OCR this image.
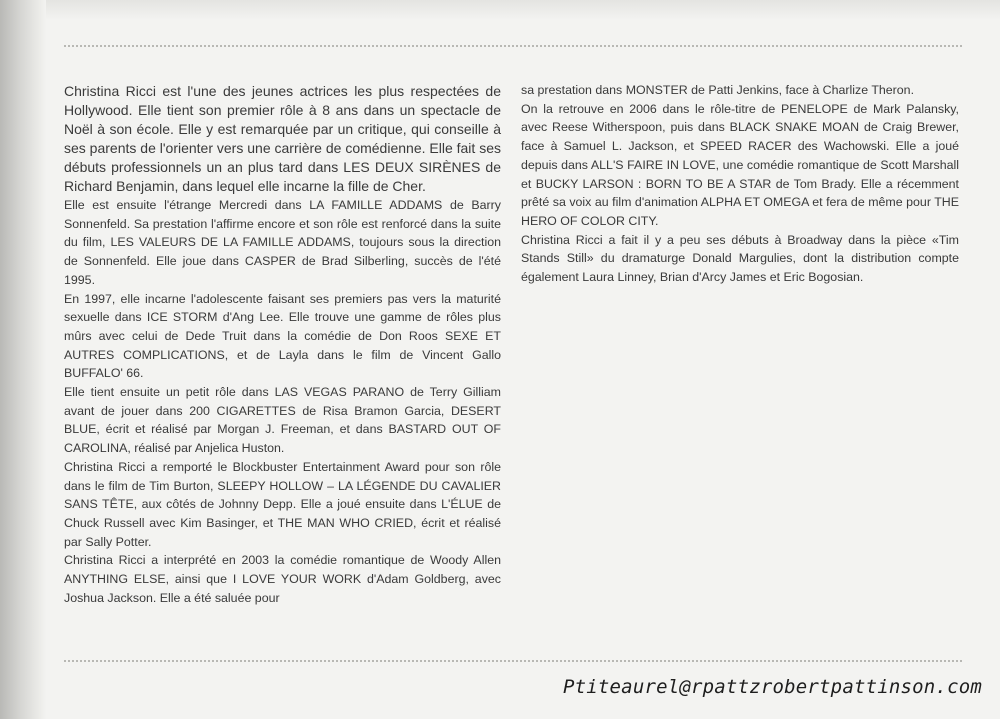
Christina Ricci est l'une des jeunes actrices les plus respectées de Hollywood. Elle tient son premier rôle à 8 ans dans un spectacle de Noël à son école. Elle y est remarquée par un critique, qui conseille à ses parents de l'orienter vers une carrière de comédienne. Elle fait ses débuts professionnels un an plus tard dans LES DEUX SIRÈNES de Richard Benjamin, dans lequel elle incarne la fille de Cher.

Elle est ensuite l'étrange Mercredi dans LA FAMILLE ADDAMS de Barry Sonnenfeld. Sa prestation l'affirme encore et son rôle est renforcé dans la suite du film, LES VALEURS DE LA FAMILLE ADDAMS, toujours sous la direction de Sonnenfeld. Elle joue dans CASPER de Brad Silberling, succès de l'été 1995.

En 1997, elle incarne l'adolescente faisant ses premiers pas vers la maturité sexuelle dans ICE STORM d'Ang Lee. Elle trouve une gamme de rôles plus mûrs avec celui de Dede Truit dans la comédie de Don Roos SEXE ET AUTRES COMPLICATIONS, et de Layla dans le film de Vincent Gallo BUFFALO' 66.

Elle tient ensuite un petit rôle dans LAS VEGAS PARANO de Terry Gilliam avant de jouer dans 200 CIGARETTES de Risa Bramon Garcia, DESERT BLUE, écrit et réalisé par Morgan J. Freeman, et dans BASTARD OUT OF CAROLINA, réalisé par Anjelica Huston.

Christina Ricci a remporté le Blockbuster Entertainment Award pour son rôle dans le film de Tim Burton, SLEEPY HOLLOW – LA LÉGENDE DU CAVALIER SANS TÊTE, aux côtés de Johnny Depp. Elle a joué ensuite dans L'ÉLUE de Chuck Russell avec Kim Basinger, et THE MAN WHO CRIED, écrit et réalisé par Sally Potter.

Christina Ricci a interprété en 2003 la comédie romantique de Woody Allen ANYTHING ELSE, ainsi que I LOVE YOUR WORK d'Adam Goldberg, avec Joshua Jackson. Elle a été saluée pour

sa prestation dans MONSTER de Patti Jenkins, face à Charlize Theron.

On la retrouve en 2006 dans le rôle-titre de PENELOPE de Mark Palansky, avec Reese Witherspoon, puis dans BLACK SNAKE MOAN de Craig Brewer, face à Samuel L. Jackson, et SPEED RACER des Wachowski. Elle a joué depuis dans ALL'S FAIRE IN LOVE, une comédie romantique de Scott Marshall et BUCKY LARSON : BORN TO BE A STAR de Tom Brady. Elle a récemment prêté sa voix au film d'animation ALPHA ET OMEGA et fera de même pour THE HERO OF COLOR CITY.

Christina Ricci a fait il y a peu ses débuts à Broadway dans la pièce «Tim Stands Still» du dramaturge Donald Margulies, dont la distribution compte également Laura Linney, Brian d'Arcy James et Eric Bogosian.

Ptiteaurel@rpattzrobertpattinson.com
